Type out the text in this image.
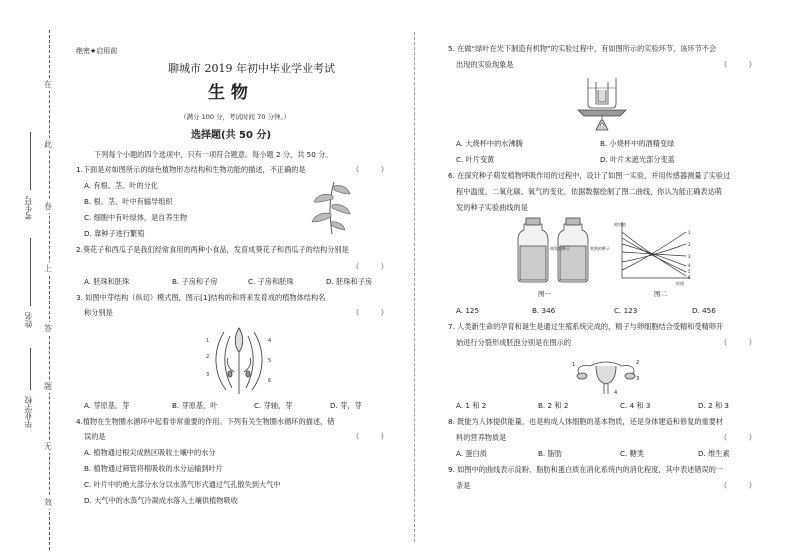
在
此
卷
上
答
题
无
效
考生号
姓名
毕业学校
绝密★启用前
聊城市 2019 年初中毕业学业考试
生 物
（满分 100 分，考试时间 70 分钟。）
选择题(共 50 分)
下列每个小题的四个选项中，只有一项符合题意。每小题 2 分，共 50 分。
1.下面是对如图所示的绿色植物形态结构和生物功能的描述，不正确的是	（　　　）
A. 有根、茎、叶的分化
B. 根、茎、叶中有输导组织
C. 细胞中有叶绿体，是自养生物
D. 靠种子进行繁殖
2.葵花子和西瓜子是我们经常食用的两种小食品，发育成葵花子和西瓜子的结构分别是
（　　　）
A. 胚珠和胚珠	B. 子房和子房	C. 子房和胚珠	D. 胚珠和子房
3. 如图中芽结构（纵切）模式图，图示[1]结构的和将来发育成的植物体结构名
称分别是	（　　　）
1
2
3
4
5
6
A. 芽原基，芽	B. 芽原基，叶	C. 芽轴，芽	D. 芽，芽
4.植物在生物圈水循环中起着非常重要的作用。下列有关生物圈水循环的描述，错
误的是	（　　　）
A. 植物通过根尖成熟区吸收土壤中的水分
B. 植物通过筛管将根吸收的水分运输到叶片
C. 叶片中的绝大部分水分以水蒸气形式通过气孔散失到大气中
D. 大气中的水蒸气冷凝成水落入土壤供植物吸收
5. 在做“绿叶在光下制造有机物”的实验过程中，有如图所示的实验环节，该环节不会
出现的实验现象是	（　　　）
A. 大烧杯中的水沸腾	B. 小烧杯中的酒精变绿
C. 叶片变黄	D. 叶片未遮光部分变蓝
6. 在探究种子萌发植物呼吸作用的过程中，设计了如图一实验，并用传感器测量了实验过
程中温度、二氧化碳、氧气的变化，依据数据绘制了图二曲线，你认为能正确表达萌
发的种子实验曲线的是
萌发的种子	煮熟的种子
图一
相对值
时间
1
2
3
4
5
6
图二
A. 125	B. 346	C. 123	D. 456
7. 人类新生命的孕育和诞生是通过生殖系统完成的，精子与卵细胞结合受精和受精卵开
始进行分裂形成胚泡分别是在图示的	（　　　）
1	2
3
4
A. 1 和 2	B. 2 和 2	C. 4 和 3	D. 2 和 3
8. 既能为人体提供能量，也是构成人体细胞的基本物质，还是身体建造和修复的重要材
料的营养物质是	（　　　）
A. 蛋白质	B. 脂肪	C. 糖类	D. 维生素
9. 如图中的曲线表示淀粉、脂肪和蛋白质在消化系统内的消化程度，其中表述错误的一
条是	（　　　）
